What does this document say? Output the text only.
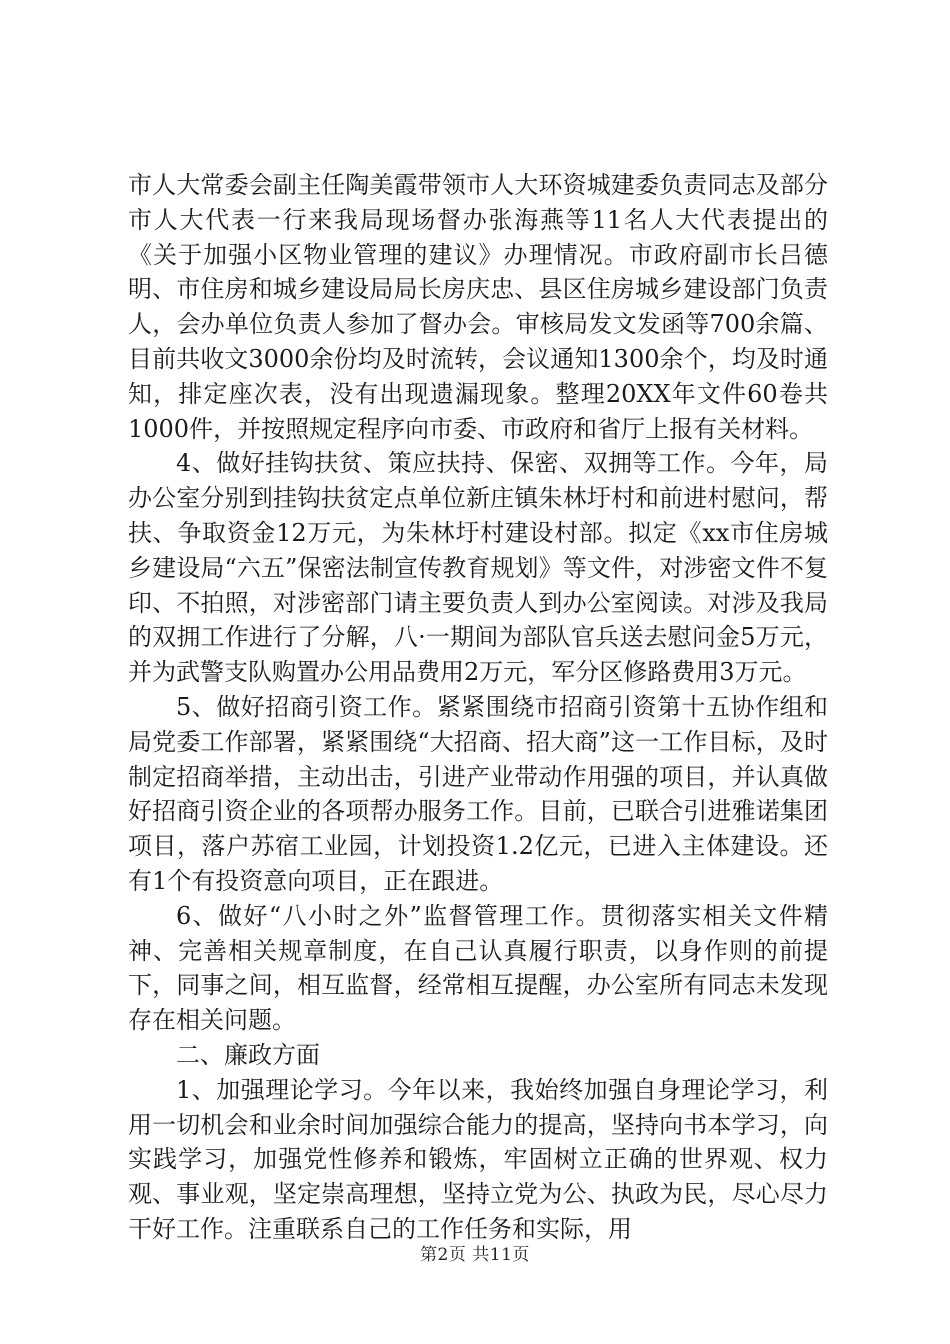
市人大常委会副主任陶美霞带领市人大环资城建委负责同志及部分市人大代表一行来我局现场督办张海燕等11名人大代表提出的《关于加强小区物业管理的建议》办理情况。市政府副市长吕德明、市住房和城乡建设局局长房庆忠、县区住房城乡建设部门负责人，会办单位负责人参加了督办会。审核局发文发函等700余篇、目前共收文3000余份均及时流转，会议通知1300余个，均及时通知，排定座次表，没有出现遗漏现象。整理20XX年文件60卷共1000件，并按照规定程序向市委、市政府和省厅上报有关材料。

4、做好挂钩扶贫、策应扶持、保密、双拥等工作。今年，局办公室分别到挂钩扶贫定点单位新庄镇朱林圩村和前进村慰问，帮扶、争取资金12万元，为朱林圩村建设村部。拟定《xx市住房城乡建设局“六五”保密法制宣传教育规划》等文件，对涉密文件不复印、不拍照，对涉密部门请主要负责人到办公室阅读。对涉及我局的双拥工作进行了分解，八·一期间为部队官兵送去慰问金5万元，并为武警支队购置办公用品费用2万元，军分区修路费用3万元。

5、做好招商引资工作。紧紧围绕市招商引资第十五协作组和局党委工作部署，紧紧围绕“大招商、招大商”这一工作目标，及时制定招商举措，主动出击，引进产业带动作用强的项目，并认真做好招商引资企业的各项帮办服务工作。目前，已联合引进雅诺集团项目，落户苏宿工业园，计划投资1.2亿元，已进入主体建设。还有1个有投资意向项目，正在跟进。

6、做好“八小时之外”监督管理工作。贯彻落实相关文件精神、完善相关规章制度，在自己认真履行职责，以身作则的前提下，同事之间，相互监督，经常相互提醒，办公室所有同志未发现存在相关问题。

二、廉政方面

1、加强理论学习。今年以来，我始终加强自身理论学习，利用一切机会和业余时间加强综合能力的提高，坚持向书本学习，向实践学习，加强党性修养和锻炼，牢固树立正确的世界观、权力观、事业观，坚定崇高理想，坚持立党为公、执政为民，尽心尽力干好工作。注重联系自己的工作任务和实际，用

第2页 共11页
